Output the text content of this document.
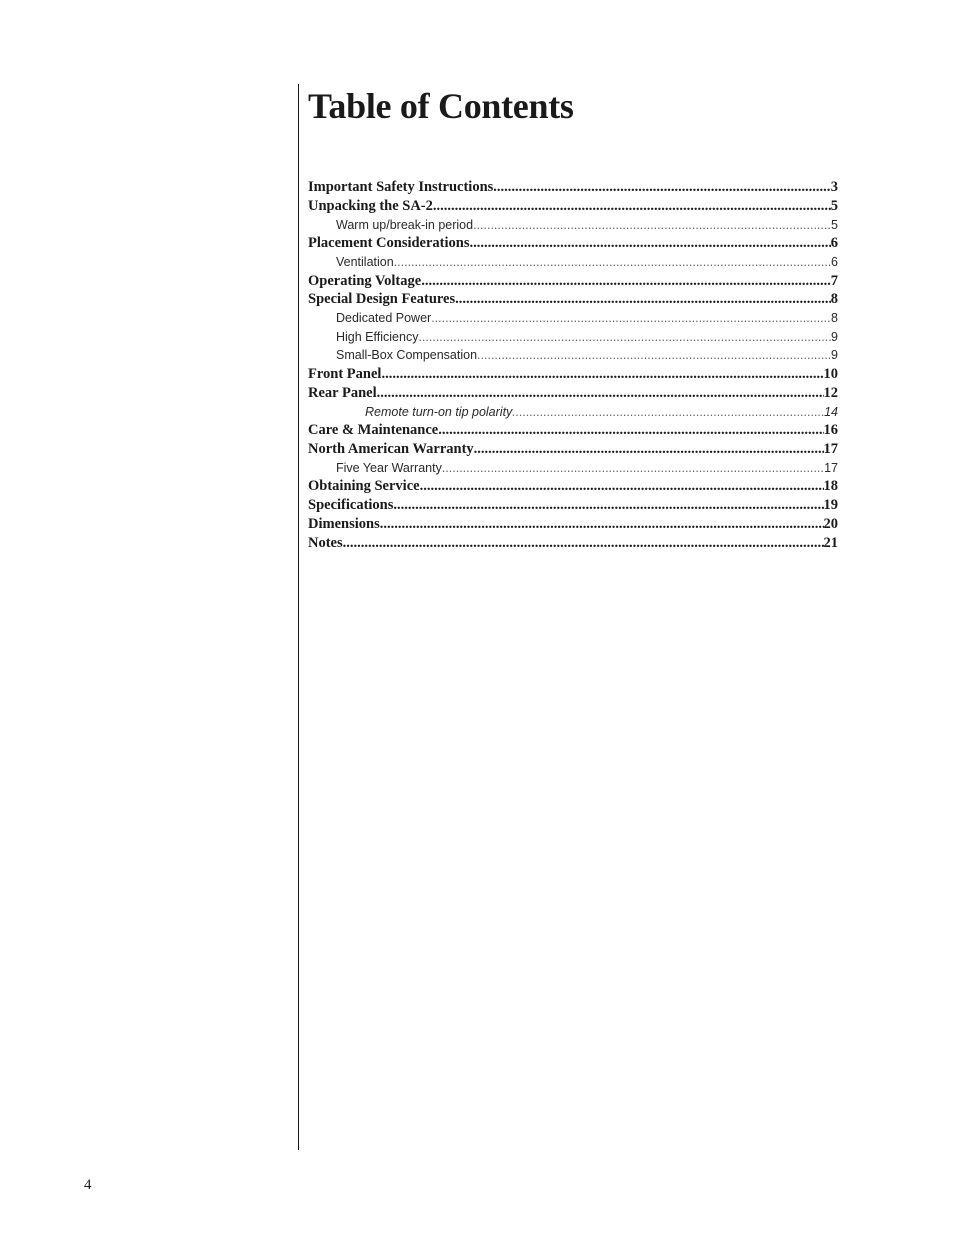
Table of Contents
Important Safety Instructions .....	3
Unpacking the SA-2 .....	5
Warm up/break-in period .....	5
Placement Considerations .....	6
Ventilation .....	6
Operating Voltage .....	7
Special Design Features .....	8
Dedicated Power .....	8
High Efficiency .....	9
Small-Box Compensation .....	9
Front Panel .....	10
Rear Panel .....	12
Remote turn-on tip polarity .....	14
Care & Maintenance .....	16
North American Warranty .....	17
Five Year Warranty .....	17
Obtaining Service .....	18
Specifications .....	19
Dimensions .....	20
Notes .....	21
4
